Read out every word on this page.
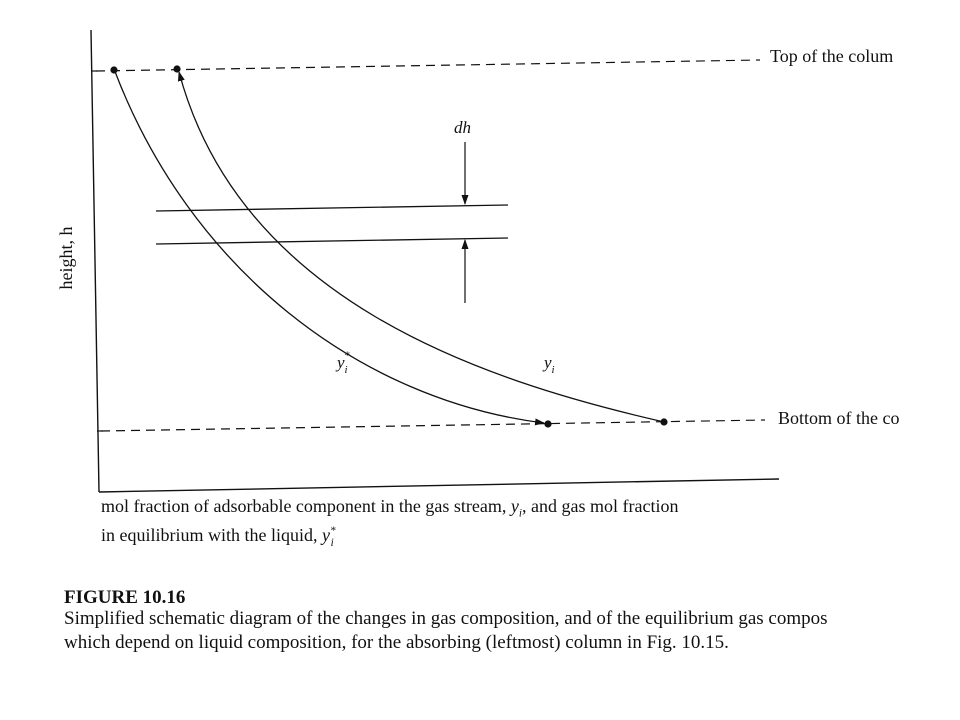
height, h
Top of the colum
Bottom of the co
dh
$y_i*$	$y_i$
mol fraction of adsorbable component in the gas stream, $y_i$, and gas mol fraction
in equilibrium with the liquid, $y^*_i$
FIGURE 10.16
Simplified schematic diagram of the changes in gas composition, and of the equilibrium gas compos
which depend on liquid composition, for the absorbing (leftmost) column in Fig. 10.15.
